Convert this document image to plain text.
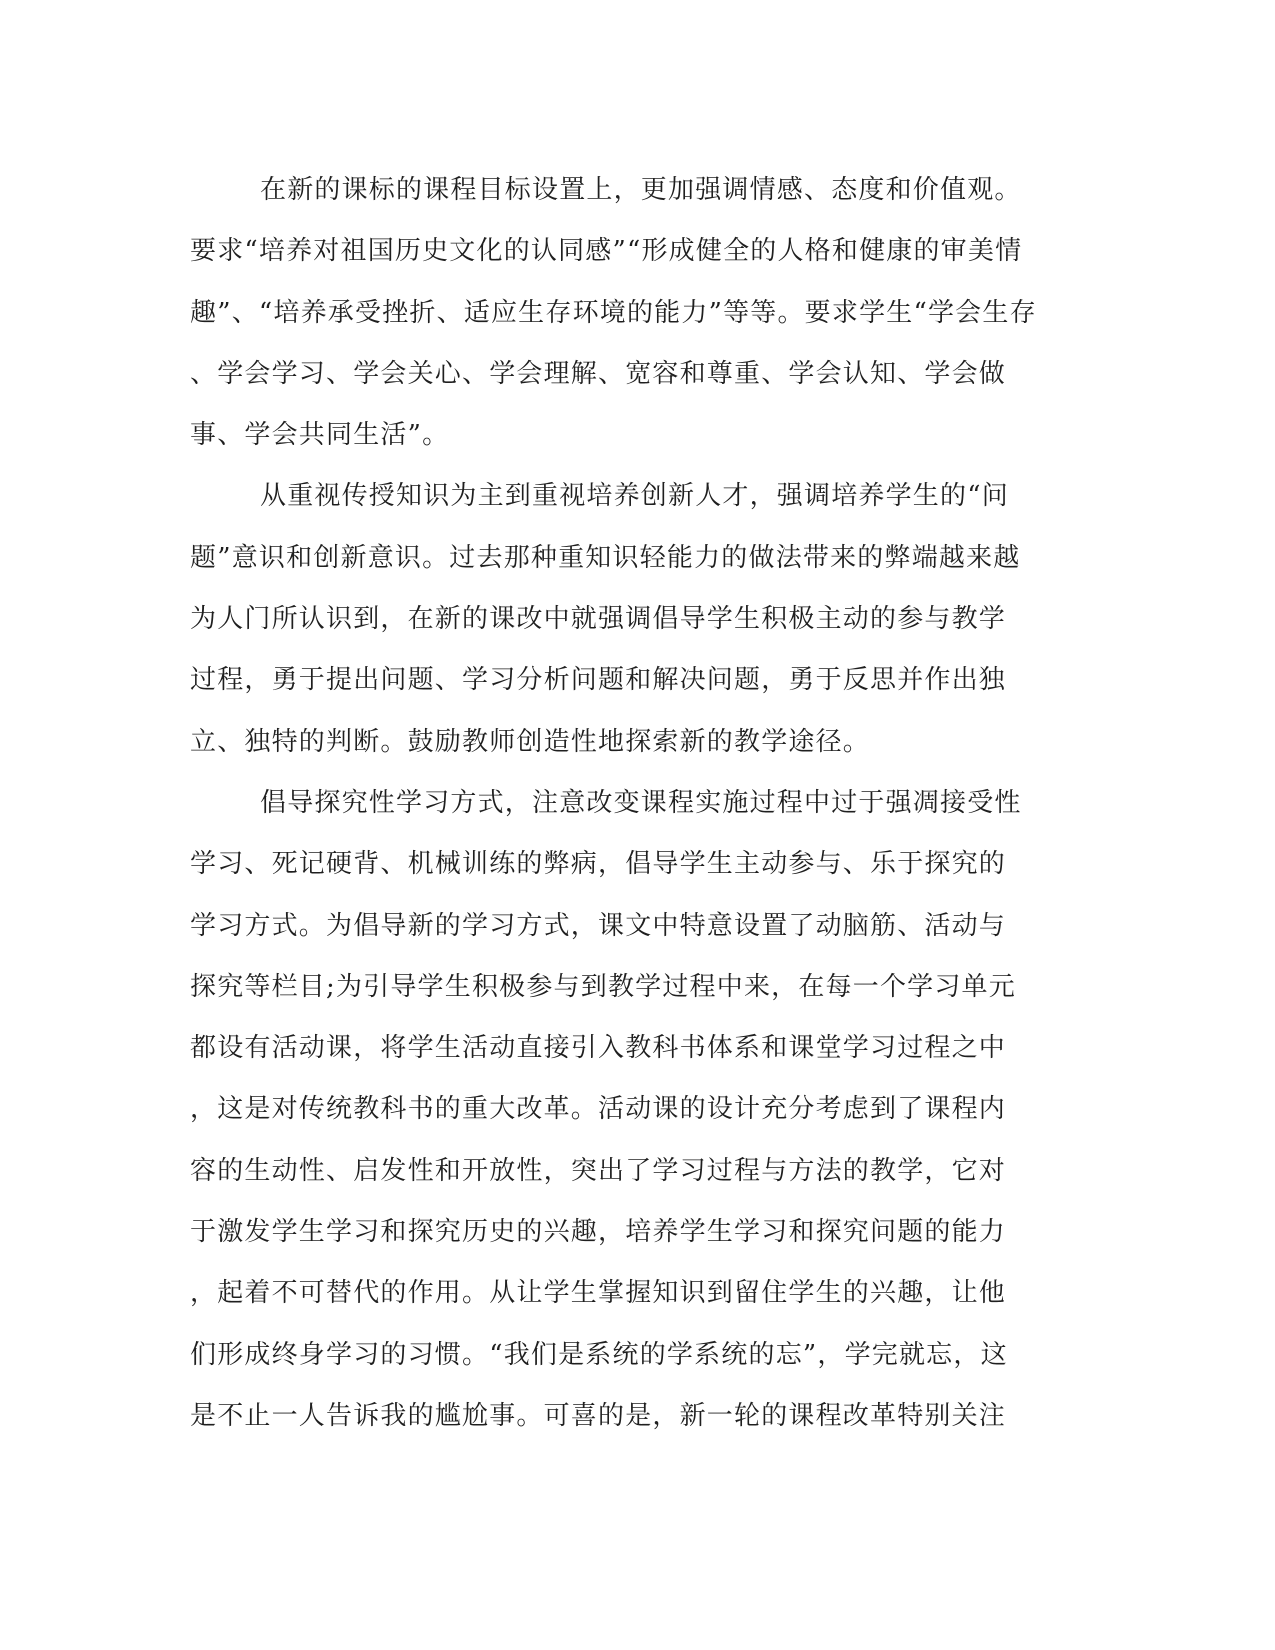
在新的课标的课程目标设置上，更加强调情感、态度和价值观。
要求“培养对祖国历史文化的认同感”“形成健全的人格和健康的审美情
趣”、“培养承受挫折、适应生存环境的能力”等等。要求学生“学会生存
、学会学习、学会关心、学会理解、宽容和尊重、学会认知、学会做
事、学会共同生活”。
从重视传授知识为主到重视培养创新人才，强调培养学生的“问
题”意识和创新意识。过去那种重知识轻能力的做法带来的弊端越来越
为人门所认识到，在新的课改中就强调倡导学生积极主动的参与教学
过程，勇于提出问题、学习分析问题和解决问题，勇于反思并作出独
立、独特的判断。鼓励教师创造性地探索新的教学途径。
倡导探究性学习方式，注意改变课程实施过程中过于强凋接受性
学习、死记硬背、机械训练的弊病，倡导学生主动参与、乐于探究的
学习方式。为倡导新的学习方式，课文中特意设置了动脑筋、活动与
探究等栏目;为引导学生积极参与到教学过程中来，在每一个学习单元
都设有活动课，将学生活动直接引入教科书体系和课堂学习过程之中
，这是对传统教科书的重大改革。活动课的设计充分考虑到了课程内
容的生动性、启发性和开放性，突出了学习过程与方法的教学，它对
于激发学生学习和探究历史的兴趣，培养学生学习和探究问题的能力
，起着不可替代的作用。从让学生掌握知识到留住学生的兴趣，让他
们形成终身学习的习惯。“我们是系统的学系统的忘”，学完就忘，这
是不止一人告诉我的尴尬事。可喜的是，新一轮的课程改革特别关注
